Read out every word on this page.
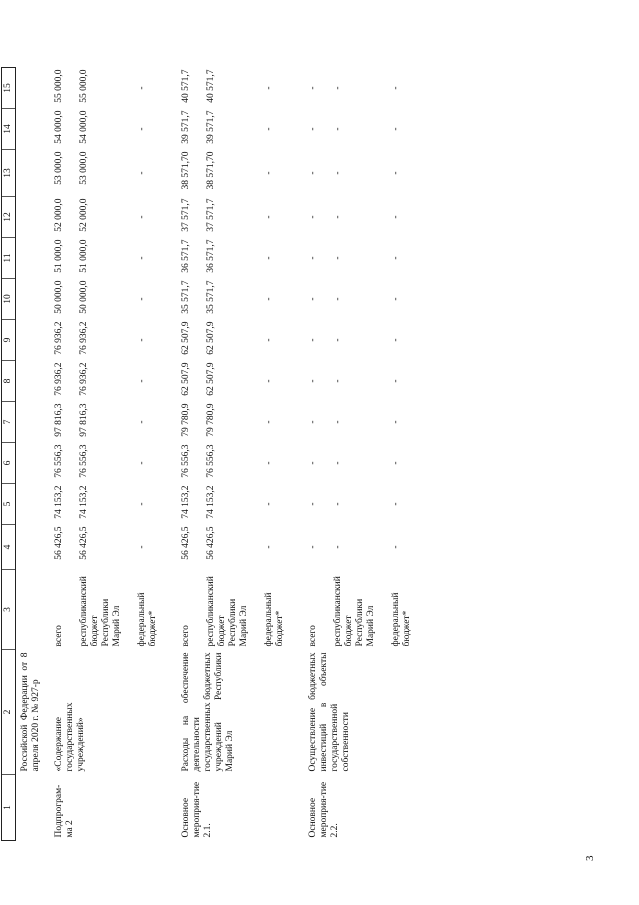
3
1	2	3	4	5	6	7	8	9	10	11	12	13	14	15
	Российской Федерации от 8 апреля 2020 г. № 927-р													
Подпрограм-ма 2	«Содержание государственных учреждений»	всего	56 426,5	74 153,2	76 556,3	97 816,3	76 936,2	76 936,2	50 000,0	51 000,0	52 000,0	53 000,0	54 000,0	55 000,0
		республиканский бюджет Республики Марий Эл	56 426,5	74 153,2	76 556,3	97 816,3	76 936,2	76 936,2	50 000,0	51 000,0	52 000,0	53 000,0	54 000,0	55 000,0
		федеральный бюджет*	-	-	-	-	-	-	-	-	-	-	-	-
Основное мероприя-тие 2.1.	Расходы на обеспечение деятельности государственных бюджетных учреждений Республики Марий Эл	всего	56 426,5	74 153,2	76 556,3	79 780,9	62 507,9	62 507,9	35 571,7	36 571,7	37 571,7	38 571,70	39 571,7	40 571,7
		республиканский бюджет Республики Марий Эл	56 426,5	74 153,2	76 556,3	79 780,9	62 507,9	62 507,9	35 571,7	36 571,7	37 571,7	38 571,70	39 571,7	40 571,7
		федеральный бюджет*	-	-	-	-	-	-	-	-	-	-	-	-
Основное мероприя-тие 2.2.	Осуществление бюджетных инвестиций в объекты государственной собственности	всего	-	-	-	-	-	-	-	-	-	-	-	-
		республиканский бюджет Республики Марий Эл	-	-	-	-	-	-	-	-	-	-	-	-
		федеральный бюджет*	-	-	-	-	-	-	-	-	-	-	-	-
